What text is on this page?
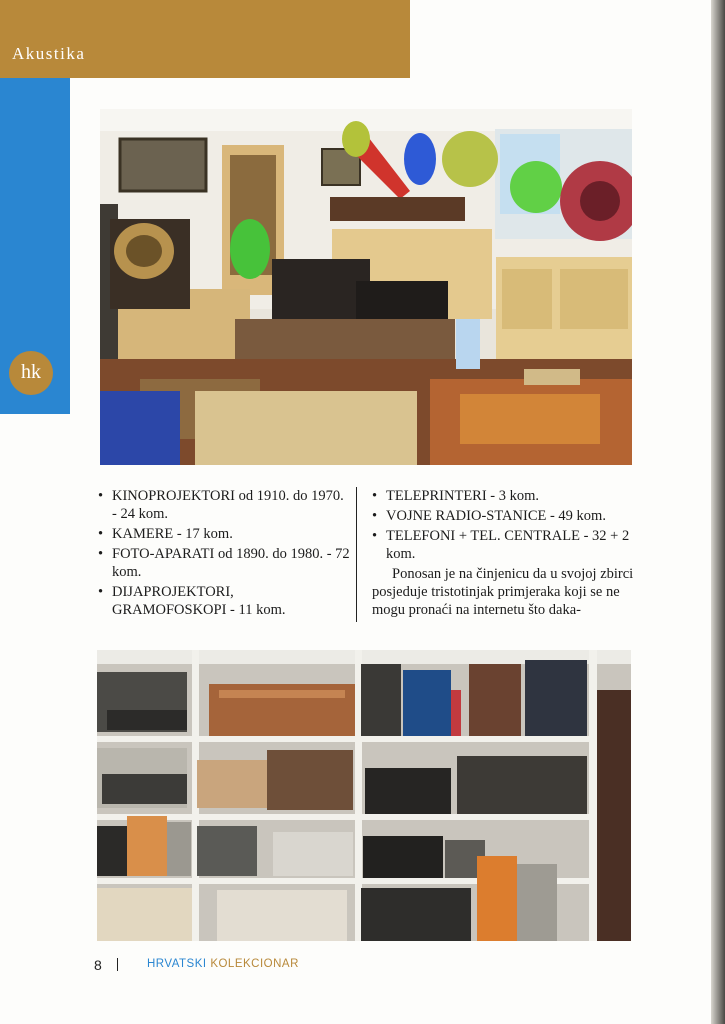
Akustika
hk
• KINOPROJEKTORI od 1910. do 1970. - 24 kom.
• KAMERE - 17 kom.
• FOTO-APARATI od 1890. do 1980. - 72 kom.
• DIJAPROJEKTORI, GRAMOFOSKOPI - 11 kom.
• TELEPRINTERI - 3 kom.
• VOJNE RADIO-STANICE - 49 kom.
• TELEFONI + TEL. CENTRALE - 32 + 2 kom.

Ponosan je na činjenicu da u svojoj zbirci posjeduje tristotinjak primjeraka koji se ne mogu pronaći na internetu što daka-

8	HRVATSKI KOLEKCIONAR
